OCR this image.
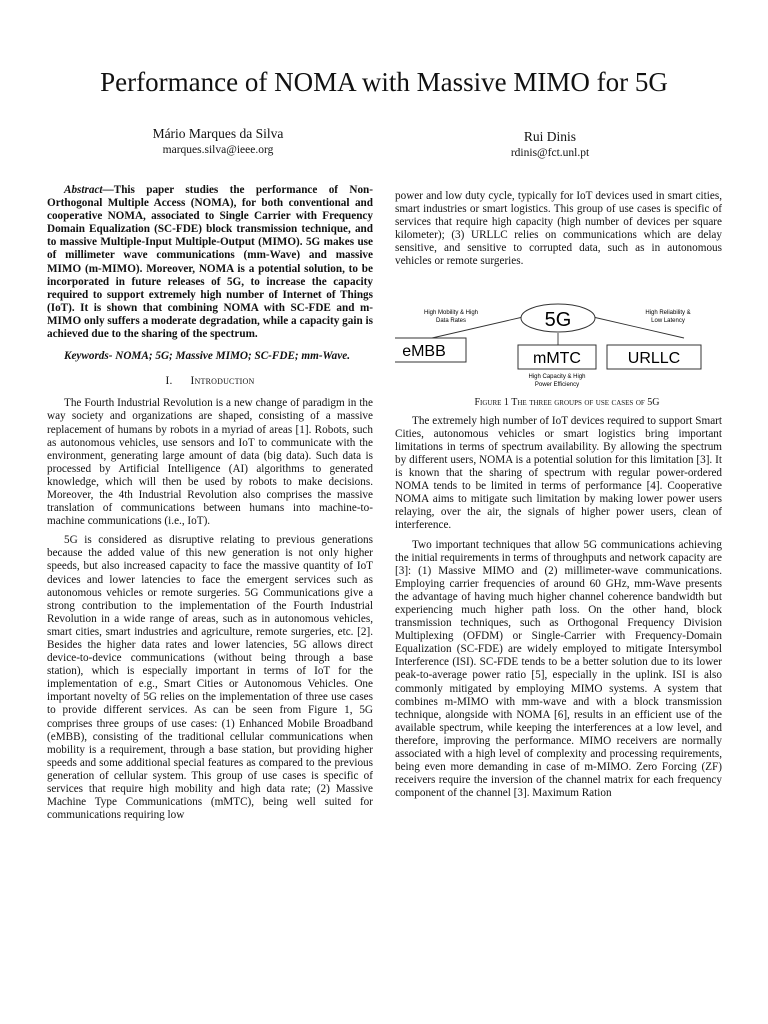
Performance of NOMA with Massive MIMO for 5G
Mário Marques da Silva
marques.silva@ieee.org
Rui Dinis
rdinis@fct.unl.pt

Abstract—This paper studies the performance of Non-Orthogonal Multiple Access (NOMA), for both conventional and cooperative NOMA, associated to Single Carrier with Frequency Domain Equalization (SC-FDE) block transmission technique, and to massive Multiple-Input Multiple-Output (MIMO). 5G makes use of millimeter wave communications (mm-Wave) and massive MIMO (m-MIMO). Moreover, NOMA is a potential solution, to be incorporated in future releases of 5G, to increase the capacity required to support extremely high number of Internet of Things (IoT). It is shown that combining NOMA with SC-FDE and m-MIMO only suffers a moderate degradation, while a capacity gain is achieved due to the sharing of the spectrum.

Keywords- NOMA; 5G; Massive MIMO; SC-FDE; mm-Wave.

I. Introduction

The Fourth Industrial Revolution is a new change of paradigm in the way society and organizations are shaped, consisting of a massive replacement of humans by robots in a myriad of areas [1]. Robots, such as autonomous vehicles, use sensors and IoT to communicate with the environment, generating large amount of data (big data). Such data is processed by Artificial Intelligence (AI) algorithms to generated knowledge, which will then be used by robots to make decisions. Moreover, the 4th Industrial Revolution also comprises the massive translation of communications between humans into machine-to-machine communications (i.e., IoT).

5G is considered as disruptive relating to previous generations because the added value of this new generation is not only higher speeds, but also increased capacity to face the massive quantity of IoT devices and lower latencies to face the emergent services such as autonomous vehicles or remote surgeries. 5G Communications give a strong contribution to the implementation of the Fourth Industrial Revolution in a wide range of areas, such as in autonomous vehicles, smart cities, smart industries and agriculture, remote surgeries, etc. [2]. Besides the higher data rates and lower latencies, 5G allows direct device-to-device communications (without being through a base station), which is especially important in terms of IoT for the implementation of e.g., Smart Cities or Autonomous Vehicles. One important novelty of 5G relies on the implementation of three use cases to provide different services. As can be seen from Figure 1, 5G comprises three groups of use cases: (1) Enhanced Mobile Broadband (eMBB), consisting of the traditional cellular communications when mobility is a requirement, through a base station, but providing higher speeds and some additional special features as compared to the previous generation of cellular system. This group of use cases is specific of services that require high mobility and high data rate; (2) Massive Machine Type Communications (mMTC), being well suited for communications requiring low

power and low duty cycle, typically for IoT devices used in smart cities, smart industries or smart logistics. This group of use cases is specific of services that require high capacity (high number of devices per square kilometer); (3) URLLC relies on communications which are delay sensitive, and sensitive to corrupted data, such as in autonomous vehicles or remote surgeries.

5G
eMBB	mMTC	URLLC
High Mobility & High
Data Rates
High Reliability &
Low Latency
High Capacity & High
Power Efficiency

Figure 1 The three groups of use cases of 5G

The extremely high number of IoT devices required to support Smart Cities, autonomous vehicles or smart logistics bring important limitations in terms of spectrum availability. By allowing the spectrum by different users, NOMA is a potential solution for this limitation [3]. It is known that the sharing of spectrum with regular power-ordered NOMA tends to be limited in terms of performance [4]. Cooperative NOMA aims to mitigate such limitation by making lower power users relaying, over the air, the signals of higher power users, clean of interference.

Two important techniques that allow 5G communications achieving the initial requirements in terms of throughputs and network capacity are [3]: (1) Massive MIMO and (2) millimeter-wave communications. Employing carrier frequencies of around 60 GHz, mm-Wave presents the advantage of having much higher channel coherence bandwidth but experiencing much higher path loss. On the other hand, block transmission techniques, such as Orthogonal Frequency Division Multiplexing (OFDM) or Single-Carrier with Frequency-Domain Equalization (SC-FDE) are widely employed to mitigate Intersymbol Interference (ISI). SC-FDE tends to be a better solution due to its lower peak-to-average power ratio [5], especially in the uplink. ISI is also commonly mitigated by employing MIMO systems. A system that combines m-MIMO with mm-wave and with a block transmission technique, alongside with NOMA [6], results in an efficient use of the available spectrum, while keeping the interferences at a low level, and therefore, improving the performance. MIMO receivers are normally associated with a high level of complexity and processing requirements, being even more demanding in case of m-MIMO. Zero Forcing (ZF) receivers require the inversion of the channel matrix for each frequency component of the channel [3]. Maximum Ration
